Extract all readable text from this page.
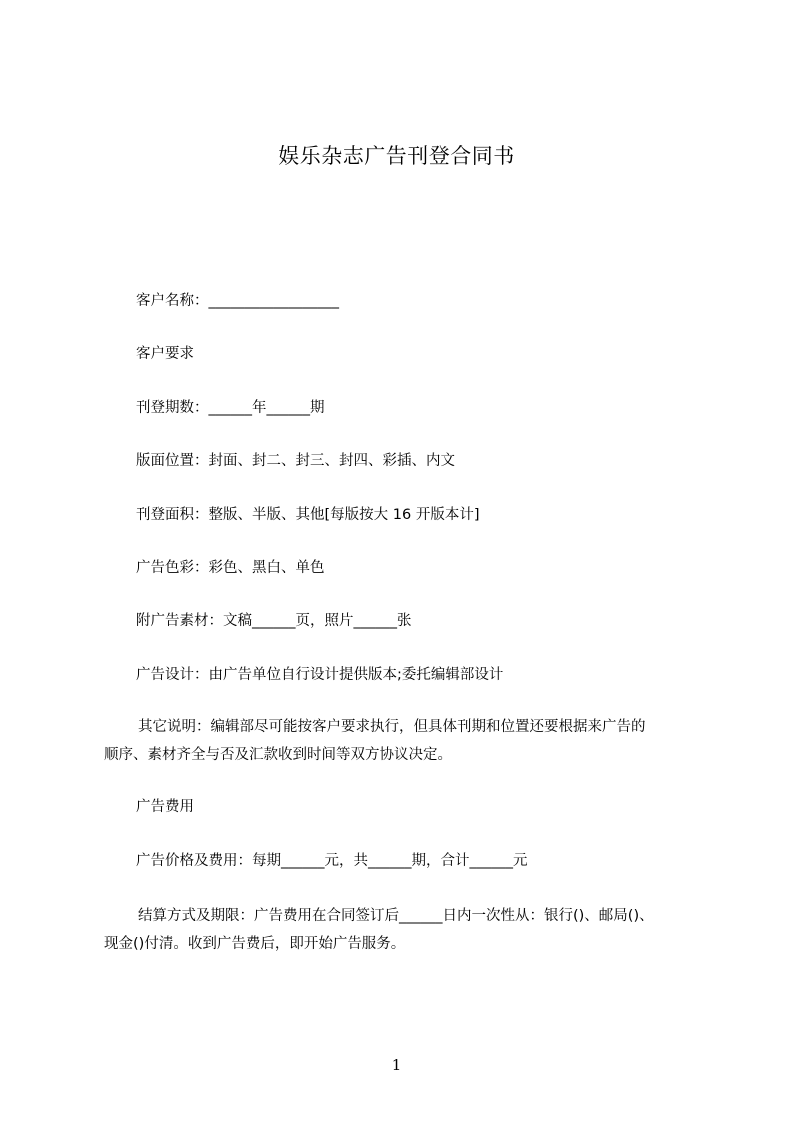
娱乐杂志广告刊登合同书
客户名称：__________________
客户要求
刊登期数：______年______期
版面位置：封面、封二、封三、封四、彩插、内文
刊登面积：整版、半版、其他[每版按大 16 开版本计]
广告色彩：彩色、黑白、单色
附广告素材：文稿______页，照片______张
广告设计：由广告单位自行设计提供版本;委托编辑部设计
其它说明：编辑部尽可能按客户要求执行，但具体刊期和位置还要根据来广告的
顺序、素材齐全与否及汇款收到时间等双方协议决定。
广告费用
广告价格及费用：每期______元，共______期，合计______元
结算方式及期限：广告费用在合同签订后______日内一次性从：银行()、邮局()、
现金()付清。收到广告费后，即开始广告服务。
1
